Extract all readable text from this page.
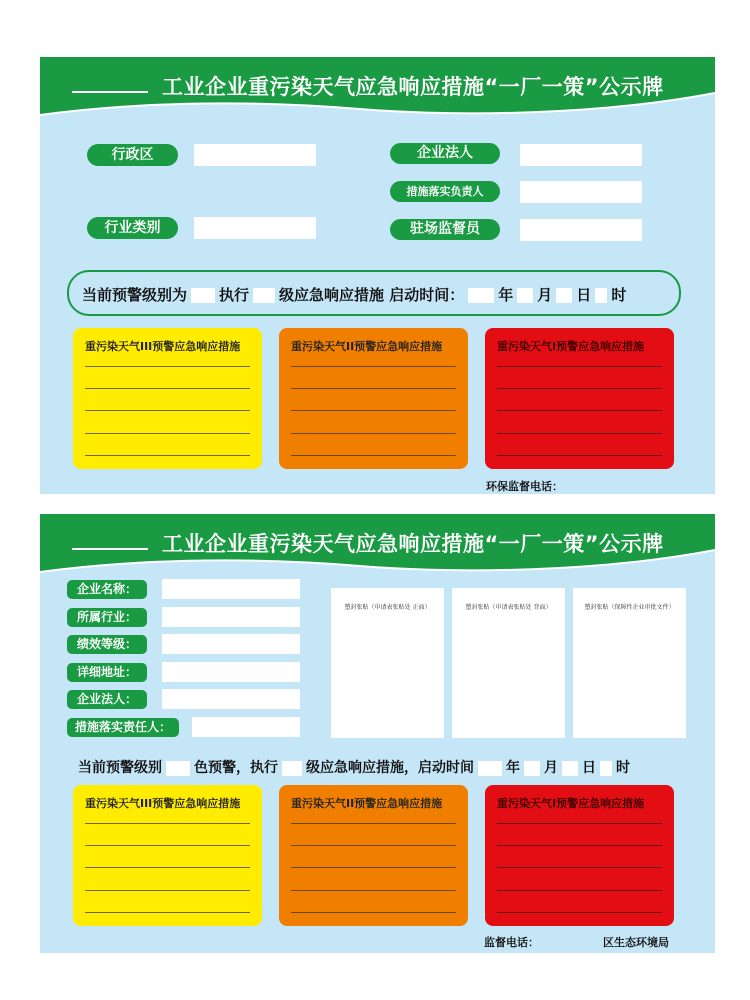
工业企业重污染天气应急响应措施“一厂一策”公示牌
行政区
行业类别
企业法人
措施落实负责人
驻场监督员
当前预警级别为 执行 级应急响应措施 启动时间： 年 月 日 时
重污染天气III预警应急响应措施	重污染天气II预警应急响应措施	重污染天气I预警应急响应措施
环保监督电话：
工业企业重污染天气应急响应措施“一厂一策”公示牌
企业名称：
所属行业：
绩效等级：
详细地址：
企业法人：
措施落实责任人：
塑封张贴（申请表张贴处 正面）	塑封张贴（申请表张贴处 背面）	塑封张贴（保障性企业审批文件）
当前预警级别 色预警，执行 级应急响应措施，启动时间 年 月 日 时
重污染天气III预警应急响应措施	重污染天气II预警应急响应措施	重污染天气I预警应急响应措施
监督电话：	区生态环境局
